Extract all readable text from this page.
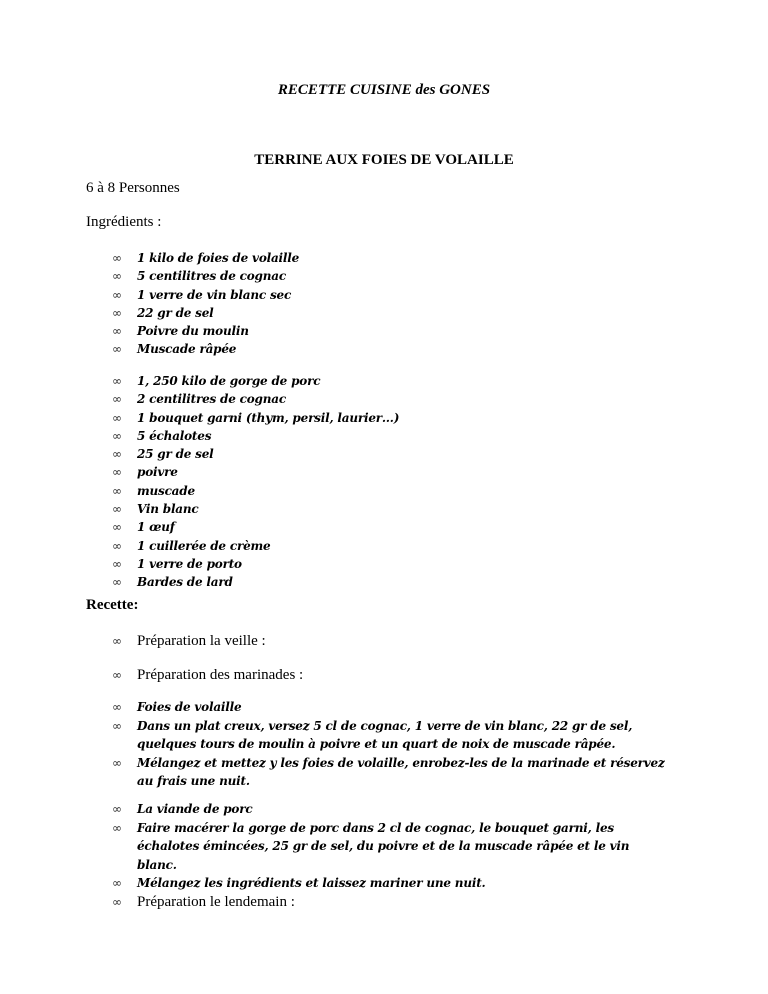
RECETTE CUISINE des GONES
TERRINE AUX FOIES DE VOLAILLE
6 à 8 Personnes
Ingrédients :
∞ 1 kilo de foies de volaille
∞ 5 centilitres de cognac
∞ 1 verre de vin blanc sec
∞ 22 gr de sel
∞ Poivre du moulin
∞ Muscade râpée
∞ 1, 250 kilo de gorge de porc
∞ 2 centilitres de cognac
∞ 1 bouquet garni (thym, persil, laurier…)
∞ 5 échalotes
∞ 25 gr de sel
∞ poivre
∞ muscade
∞ Vin blanc
∞ 1 œuf
∞ 1 cuillerée de crème
∞ 1 verre de porto
∞ Bardes de lard
Recette:
∞ Préparation la veille :
∞ Préparation des marinades :
∞ Foies de volaille
∞ Dans un plat creux, versez 5 cl de cognac, 1 verre de vin blanc, 22 gr de sel, quelques tours de moulin à poivre et un quart de noix de muscade râpée.
∞ Mélangez et mettez y les foies de volaille, enrobez-les de la marinade et réservez au frais une nuit.
∞ La viande de porc
∞ Faire macérer la gorge de porc dans 2 cl de cognac, le bouquet garni, les échalotes émincées, 25 gr de sel, du poivre et de la muscade râpée et le vin blanc.
∞ Mélangez les ingrédients et laissez mariner une nuit.
∞ Préparation le lendemain :
